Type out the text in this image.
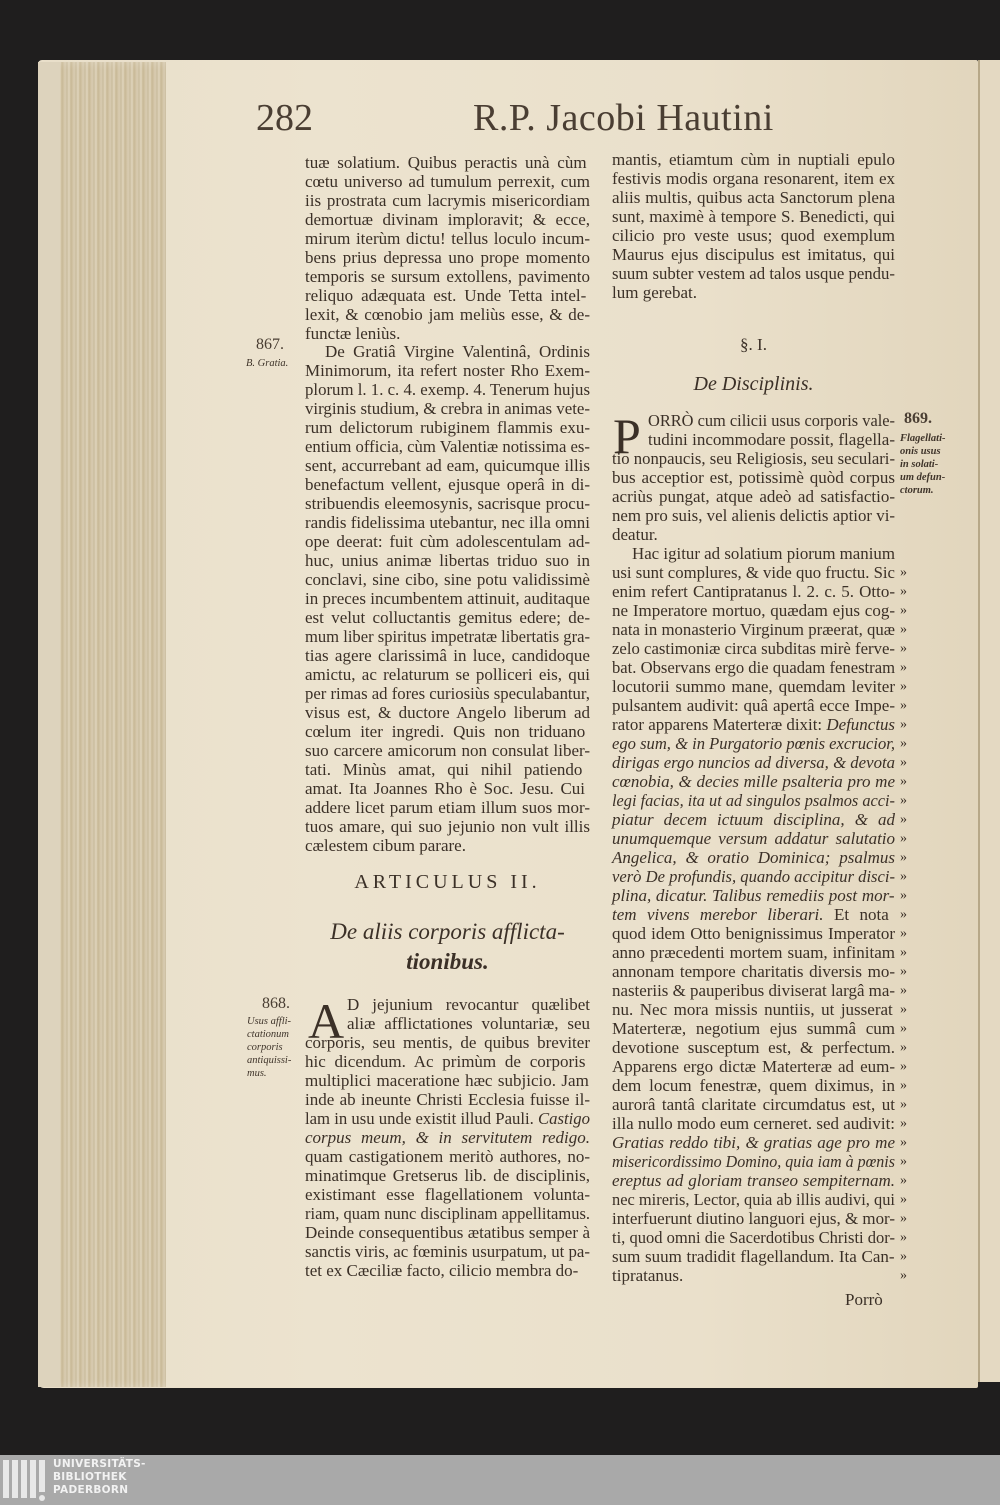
282	R.P. Jacobi Hautini
tuæ solatium. Quibus peractis unà cùm
cœtu universo ad tumulum perrexit, cum
iis prostrata cum lacrymis misericordiam
demortuæ divinam imploravit; & ecce,
mirum iterùm dictu! tellus loculo incum-
bens prius depressa uno prope momento
temporis se sursum extollens, pavimento
reliquo adæquata est. Unde Tetta intel-
lexit, & cœnobio jam meliùs esse, & de-
functæ leniùs.
867.
B. Gratia.
De Gratiâ Virgine Valentinâ, Ordinis
Minimorum, ita refert noster Rho Exem-
plorum l. 1. c. 4. exemp. 4. Tenerum hujus
virginis studium, & crebra in animas vete-
rum delictorum rubiginem flammis exu-
entium officia, cùm Valentiæ notissima es-
sent, accurrebant ad eam, quicumque illis
benefactum vellent, ejusque operâ in di-
stribuendis eleemosynis, sacrisque procu-
randis fidelissima utebantur, nec illa omni
ope deerat: fuit cùm adolescentulam ad-
huc, unius animæ libertas triduo suo in
conclavi, sine cibo, sine potu validissimè
in preces incumbentem attinuit, auditaque
est velut colluctantis gemitus edere; de-
mum liber spiritus impetratæ libertatis gra-
tias agere clarissimâ in luce, candidoque
amictu, ac relaturum se polliceri eis, qui
per rimas ad fores curiosiùs speculabantur,
visus est, & ductore Angelo liberum ad
cœlum iter ingredi. Quis non triduano
suo carcere amicorum non consulat liber-
tati. Minùs amat, qui nihil patiendo
amat. Ita Joannes Rho è Soc. Jesu. Cui
addere licet parum etiam illum suos mor-
tuos amare, qui suo jejunio non vult illis
cælestem cibum parare.
ARTICULUS II.
De aliis corporis afflicta-
tionibus.
868.
Usus affli-
ctationum
corporis
antiquissi-
mus.
A D jejunium revocantur quælibet
aliæ afflictationes voluntariæ, seu
corporis, seu mentis, de quibus breviter
hic dicendum. Ac primùm de corporis
multiplici maceratione hæc subjicio. Jam
inde ab ineunte Christi Ecclesia fuisse il-
lam in usu unde existit illud Pauli. Castigo
corpus meum, & in servitutem redigo.
quam castigationem meritò authores, no-
minatimque Gretserus lib. de disciplinis,
existimant esse flagellationem volunta-
riam, quam nunc disciplinam appellitamus.
Deinde consequentibus ætatibus semper à
sanctis viris, ac fœminis usurpatum, ut pa-
tet ex Cæciliæ facto, cilicio membra do-
mantis, etiamtum cùm in nuptiali epulo
festivis modis organa resonarent, item ex
aliis multis, quibus acta Sanctorum plena
sunt, maximè à tempore S. Benedicti, qui
cilicio pro veste usus; quod exemplum
Maurus ejus discipulus est imitatus, qui
suum subter vestem ad talos usque pendu-
lum gerebat.
§. I.
De Disciplinis.
P ORRÒ cum cilicii usus corporis vale-
tudini incommodare possit, flagella-
tio nonpaucis, seu Religiosis, seu seculari-
bus acceptior est, potissimè quòd corpus
acriùs pungat, atque adeò ad satisfactio-
nem pro suis, vel alienis delictis aptior vi-
deatur.
869.
Flagellati-
onis usus
in solati-
um defun-
ctorum.
Hac igitur ad solatium piorum manium
usi sunt complures, & vide quo fructu. Sic
enim refert Cantipratanus l. 2. c. 5. Otto-
ne Imperatore mortuo, quædam ejus cog-
nata in monasterio Virginum præerat, quæ
zelo castimoniæ circa subditas mirè ferve-
bat. Observans ergo die quadam fenestram
locutorii summo mane, quemdam leviter
pulsantem audivit: quâ apertâ ecce Impe-
rator apparens Materteræ dixit: Defunctus
ego sum, & in Purgatorio pœnis excrucior,
dirigas ergo nuncios ad diversa, & devota
cœnobia, & decies mille psalteria pro me
legi facias, ita ut ad singulos psalmos acci-
piatur decem ictuum disciplina, & ad
unumquemque versum addatur salutatio
Angelica, & oratio Dominica; psalmus
verò De profundis, quando accipitur disci-
plina, dicatur. Talibus remediis post mor-
tem vivens merebor liberari. Et nota
quod idem Otto benignissimus Imperator
anno præcedenti mortem suam, infinitam
annonam tempore charitatis diversis mo-
nasteriis & pauperibus diviserat largâ ma-
nu. Nec mora missis nuntiis, ut jusserat
Materteræ, negotium ejus summâ cum
devotione susceptum est, & perfectum.
Apparens ergo dictæ Materteræ ad eum-
dem locum fenestræ, quem diximus, in
aurorâ tantâ claritate circumdatus est, ut
illa nullo modo eum cerneret. sed audivit:
Gratias reddo tibi, & gratias age pro me
misericordissimo Domino, quia iam à pœnis
ereptus ad gloriam transeo sempiternam.
nec mireris, Lector, quia ab illis audivi, qui
interfuerunt diutino languori ejus, & mor-
ti, quod omni die Sacerdotibus Christi dor-
sum suum tradidit flagellandum. Ita Can-
tipratanus.
Porrò
UNIVERSITÄTS-
BIBLIOTHEK
PADERBORN
»
»
»
»
»
»
»
»
»
»
»
»
»
»
»
»
»
»
»
»
»
»
»
»
»
»
»
»
»
»
»
»
»
»
»
»
»
»
